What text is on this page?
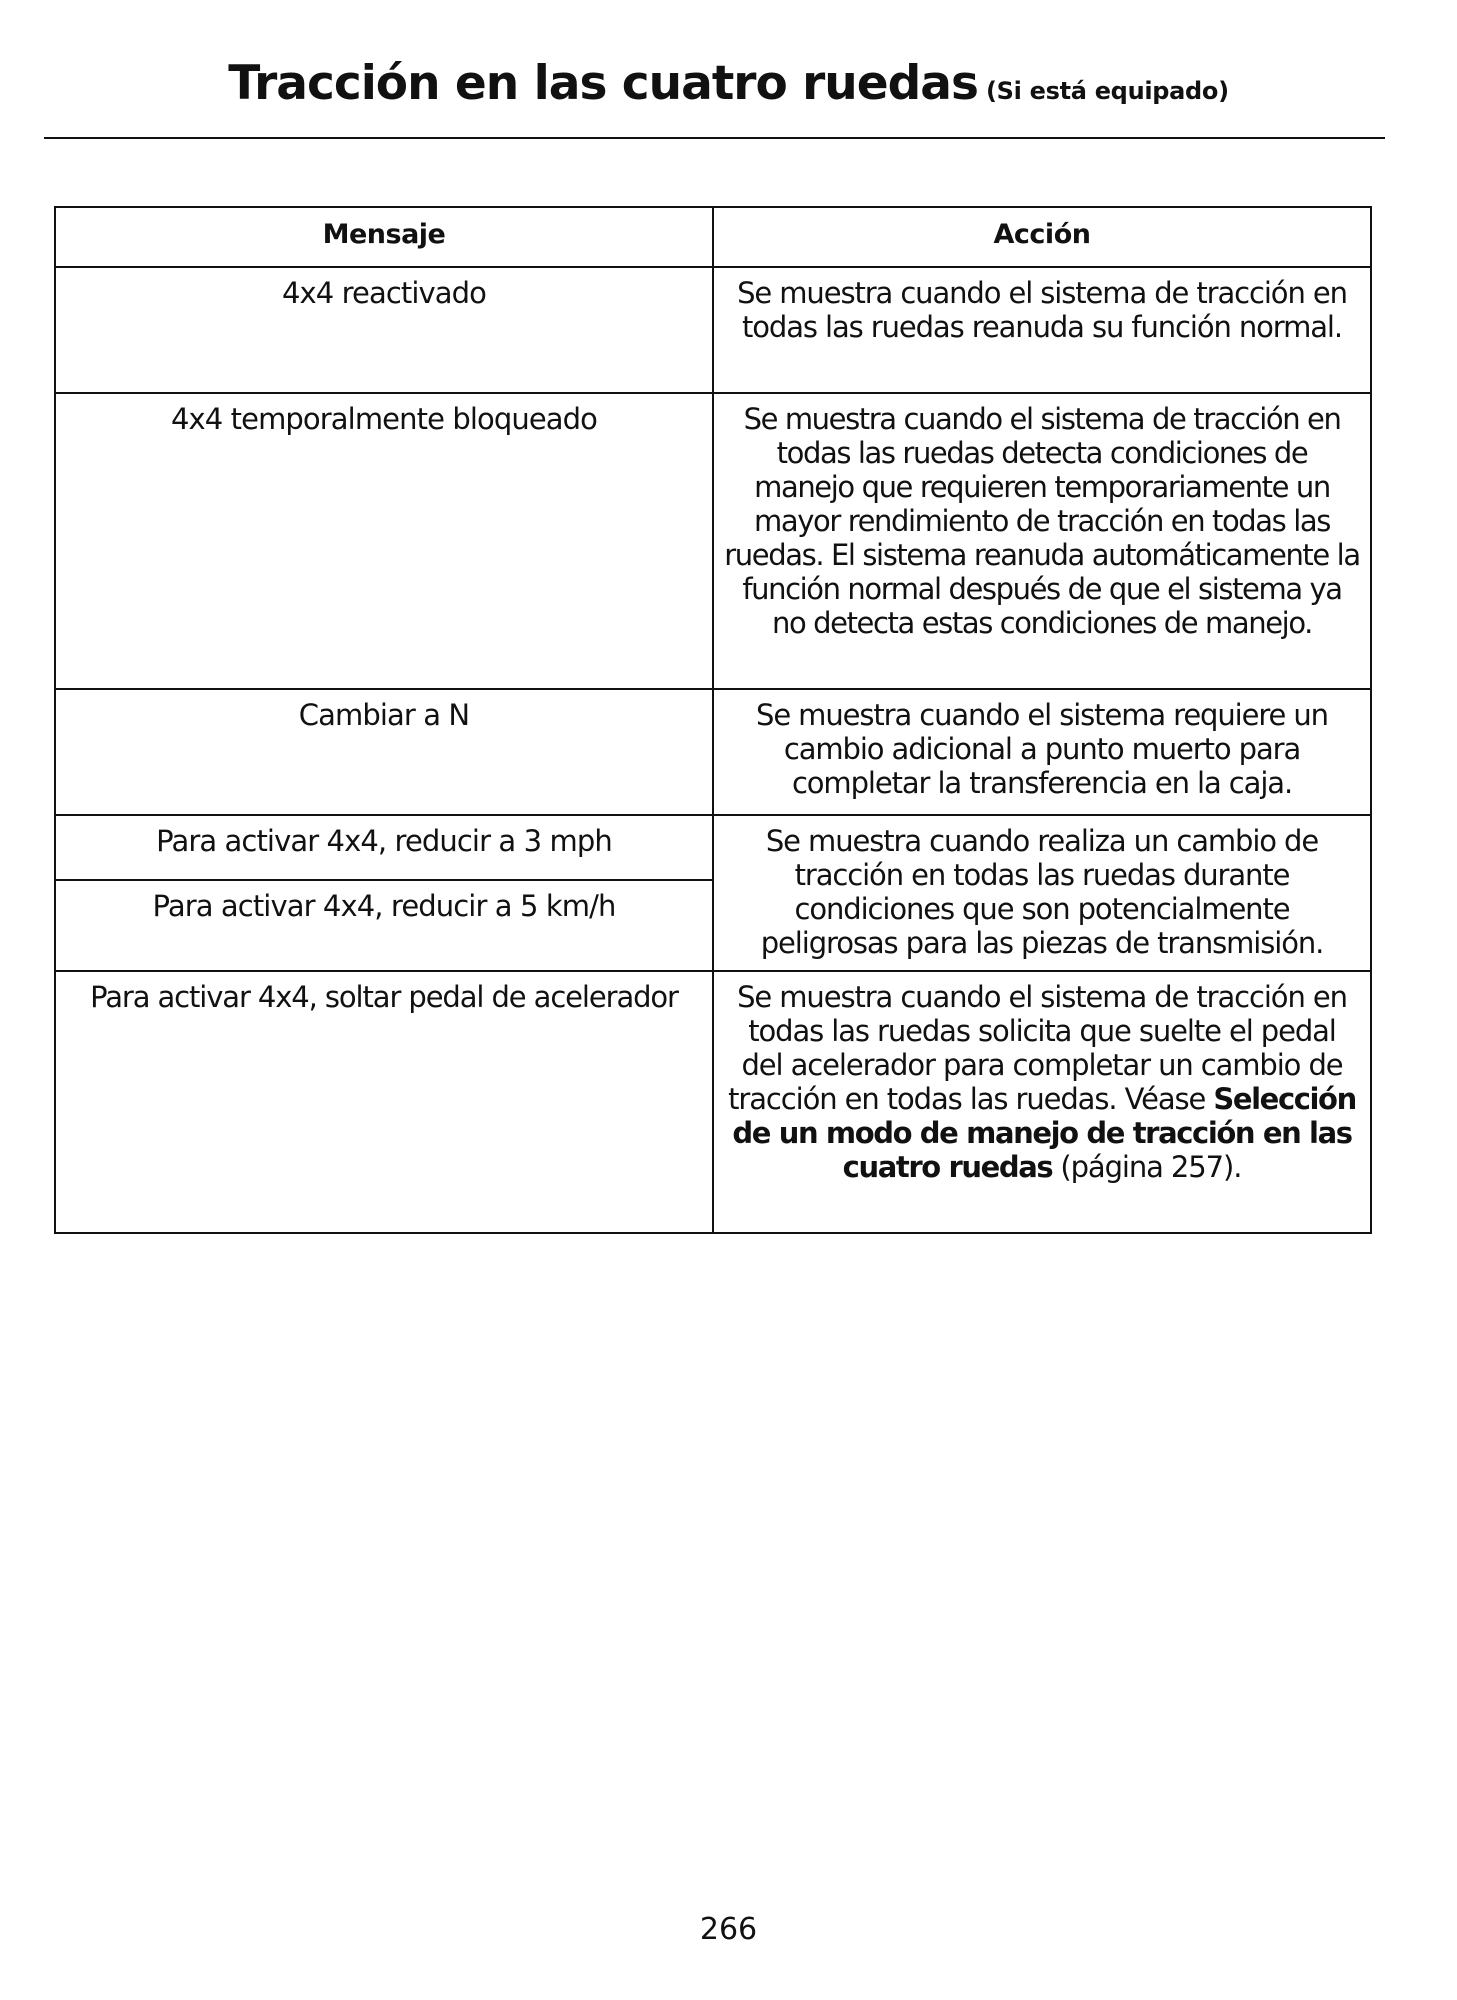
Tracción en las cuatro ruedas (Si está equipado)
Mensaje	Acción
4x4 reactivado	Se muestra cuando el sistema de tracción en todas las ruedas reanuda su función normal.
4x4 temporalmente bloqueado	Se muestra cuando el sistema de tracción en todas las ruedas detecta condiciones de manejo que requieren temporariamente un mayor rendimiento de tracción en todas las ruedas. El sistema reanuda automáticamente la función normal después de que el sistema ya no detecta estas condiciones de manejo.
Cambiar a N	Se muestra cuando el sistema requiere un cambio adicional a punto muerto para completar la transferencia en la caja.
Para activar 4x4, reducir a 3 mph	Se muestra cuando realiza un cambio de tracción en todas las ruedas durante condiciones que son potencialmente peligrosas para las piezas de transmisión.
Para activar 4x4, reducir a 5 km/h	
Para activar 4x4, soltar pedal de acelerador	Se muestra cuando el sistema de tracción en todas las ruedas solicita que suelte el pedal del acelerador para completar un cambio de tracción en todas las ruedas. Véase Selección de un modo de manejo de tracción en las cuatro ruedas (página 257).
266
